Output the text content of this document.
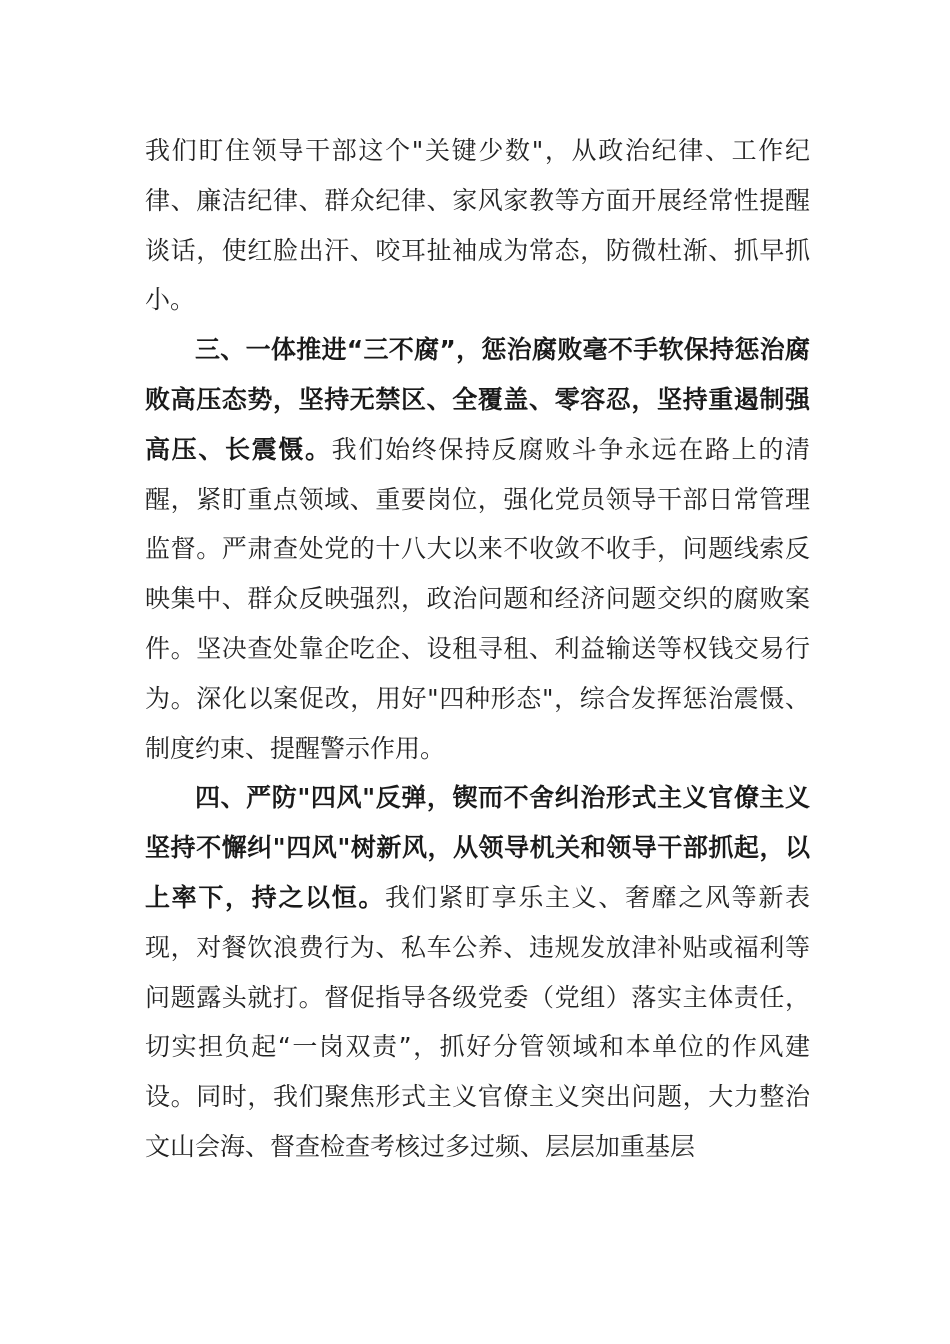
我们盯住领导干部这个"关键少数"，从政治纪律、工作纪律、廉洁纪律、群众纪律、家风家教等方面开展经常性提醒谈话，使红脸出汗、咬耳扯袖成为常态，防微杜渐、抓早抓小。

三、一体推进“三不腐”，惩治腐败毫不手软保持惩治腐败高压态势，坚持无禁区、全覆盖、零容忍，坚持重遏制强高压、长震慑。我们始终保持反腐败斗争永远在路上的清醒，紧盯重点领域、重要岗位，强化党员领导干部日常管理监督。严肃查处党的十八大以来不收敛不收手，问题线索反映集中、群众反映强烈，政治问题和经济问题交织的腐败案件。坚决查处靠企吃企、设租寻租、利益输送等权钱交易行为。深化以案促改，用好"四种形态"，综合发挥惩治震慑、制度约束、提醒警示作用。

四、严防"四风"反弹，锲而不舍纠治形式主义官僚主义坚持不懈纠"四风"树新风，从领导机关和领导干部抓起，以上率下，持之以恒。我们紧盯享乐主义、奢靡之风等新表现，对餐饮浪费行为、私车公养、违规发放津补贴或福利等问题露头就打。督促指导各级党委（党组）落实主体责任，切实担负起“一岗双责”，抓好分管领域和本单位的作风建设。同时，我们聚焦形式主义官僚主义突出问题，大力整治文山会海、督查检查考核过多过频、层层加重基层
